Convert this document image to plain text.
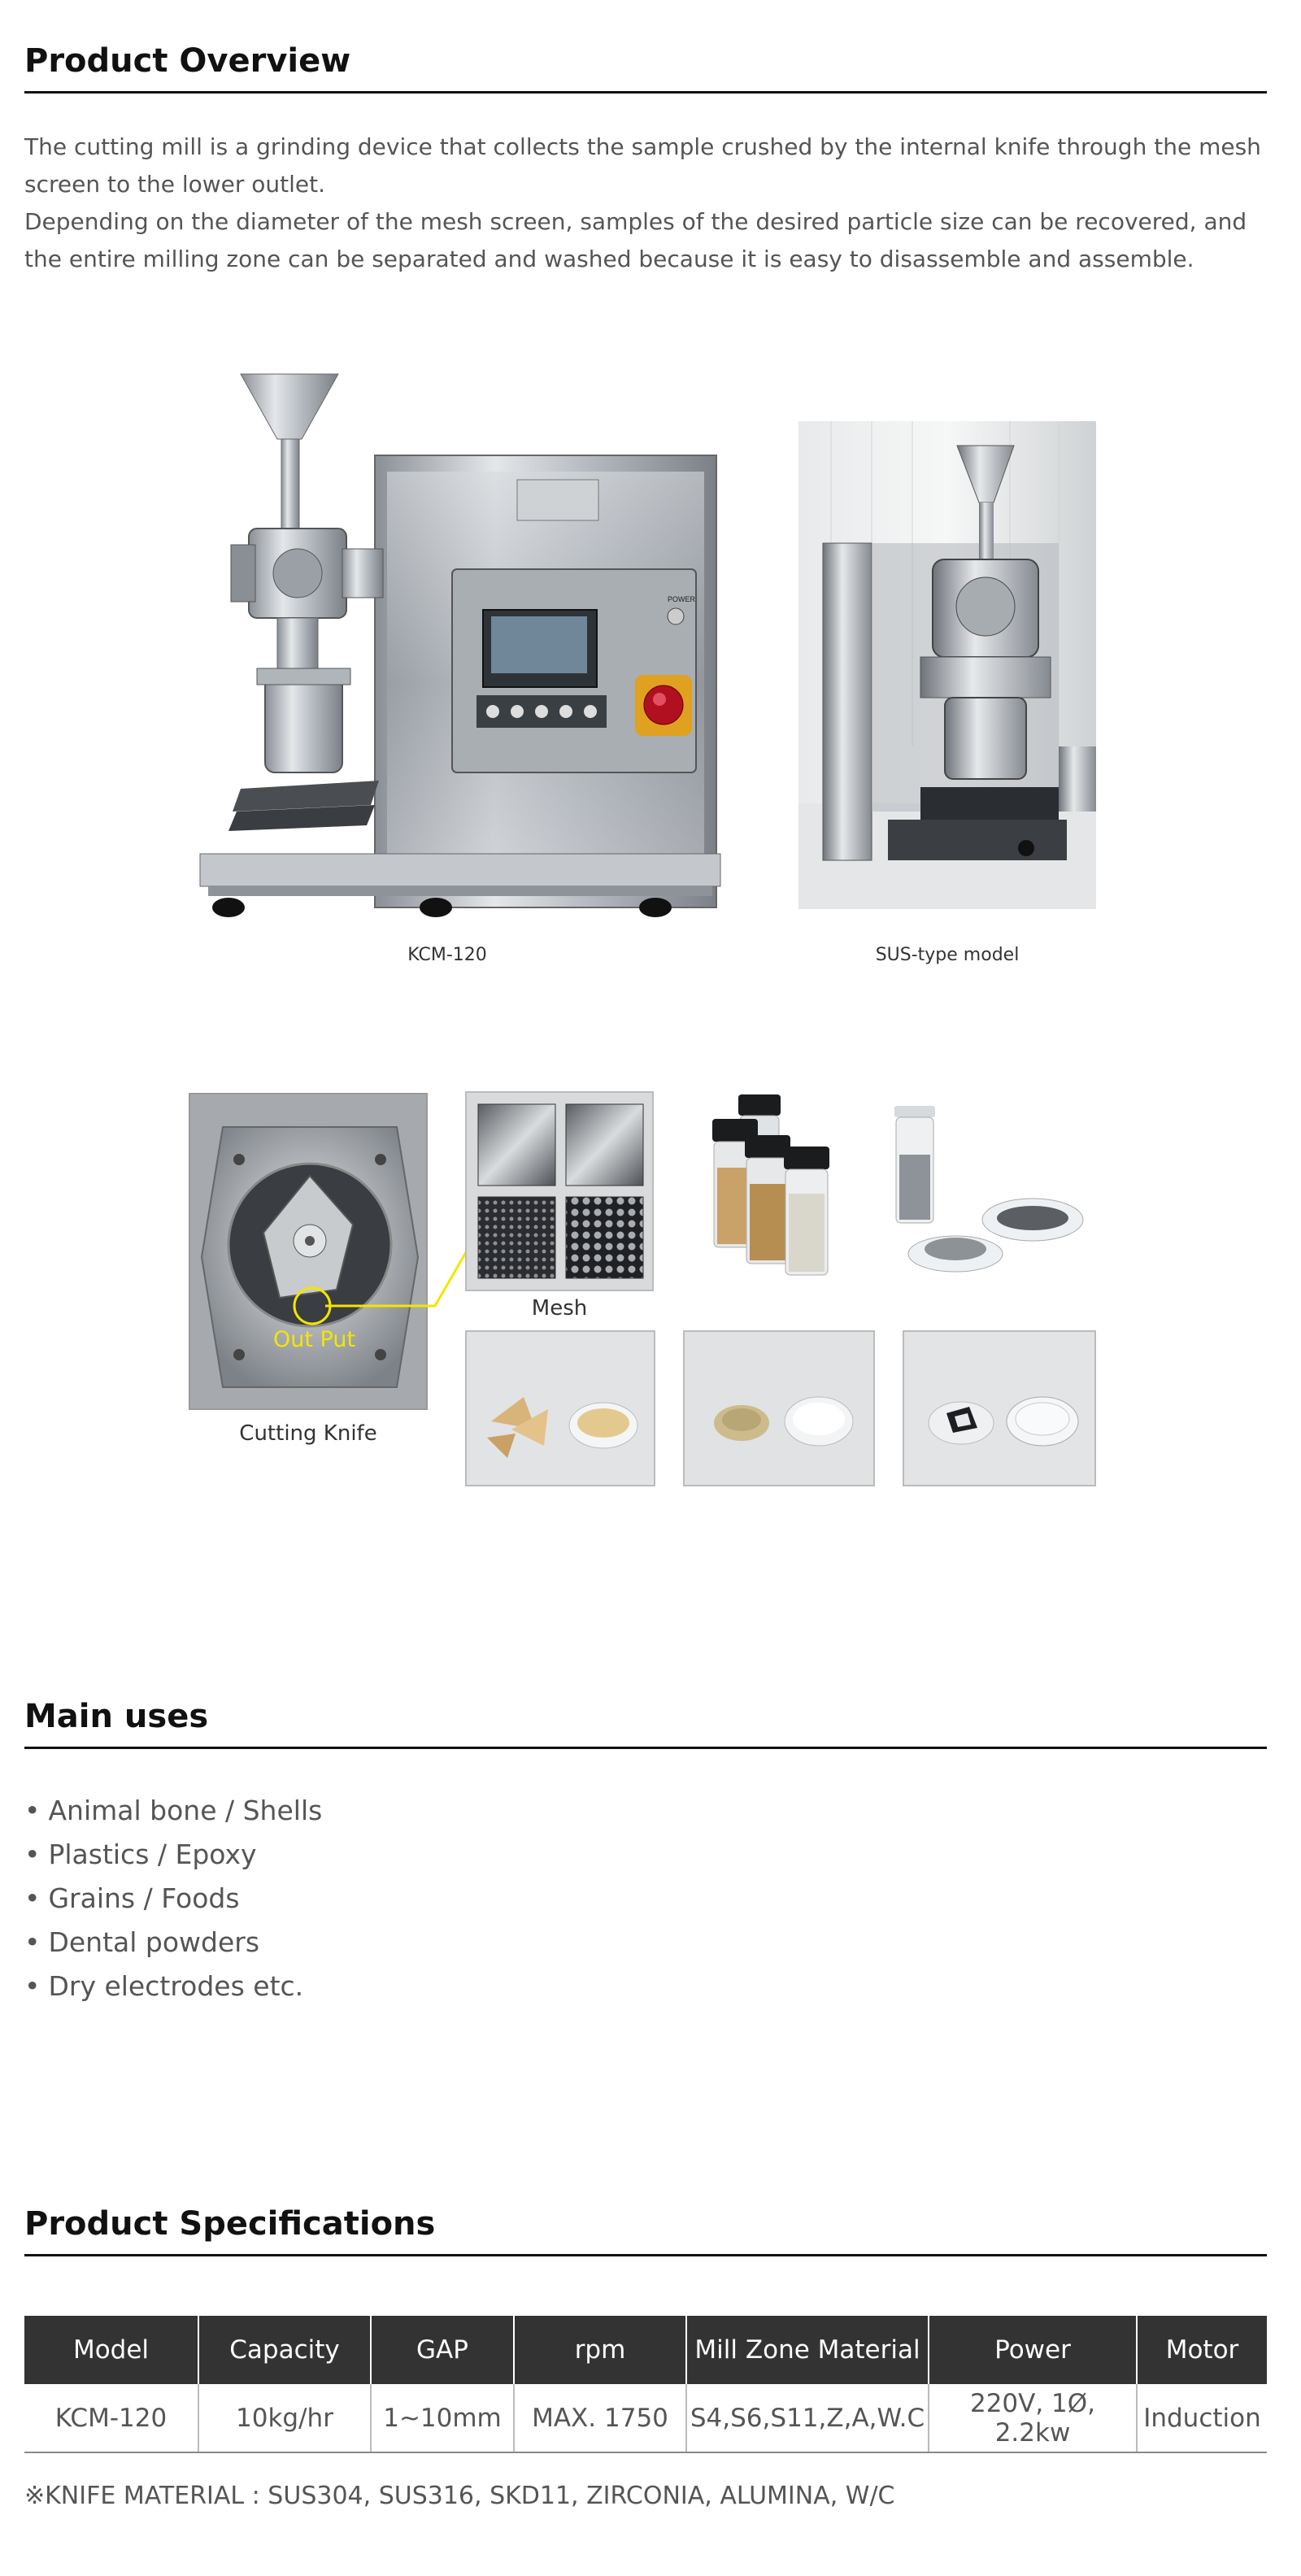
Product Overview

The cutting mill is a grinding device that collects the sample crushed by the internal knife through the mesh screen to the lower outlet.

Depending on the diameter of the mesh screen, samples of the desired particle size can be recovered, and the entire milling zone can be separated and washed because it is easy to disassemble and assemble.

POWER
KCM-120	SUS-type model
Out Put
Cutting Knife
Mesh
Main uses
• Animal bone / Shells
• Plastics / Epoxy
• Grains / Foods
• Dental powders
• Dry electrodes etc.
Product Specifications
Model	Capacity	GAP	rpm	Mill Zone Material	Power	Motor
KCM-120	10kg/hr	1~10mm	MAX. 1750	S4,S6,S11,Z,A,W.C	220V, 1Ø, 2.2kw	Induction
※KNIFE MATERIAL : SUS304, SUS316, SKD11, ZIRCONIA, ALUMINA, W/C
